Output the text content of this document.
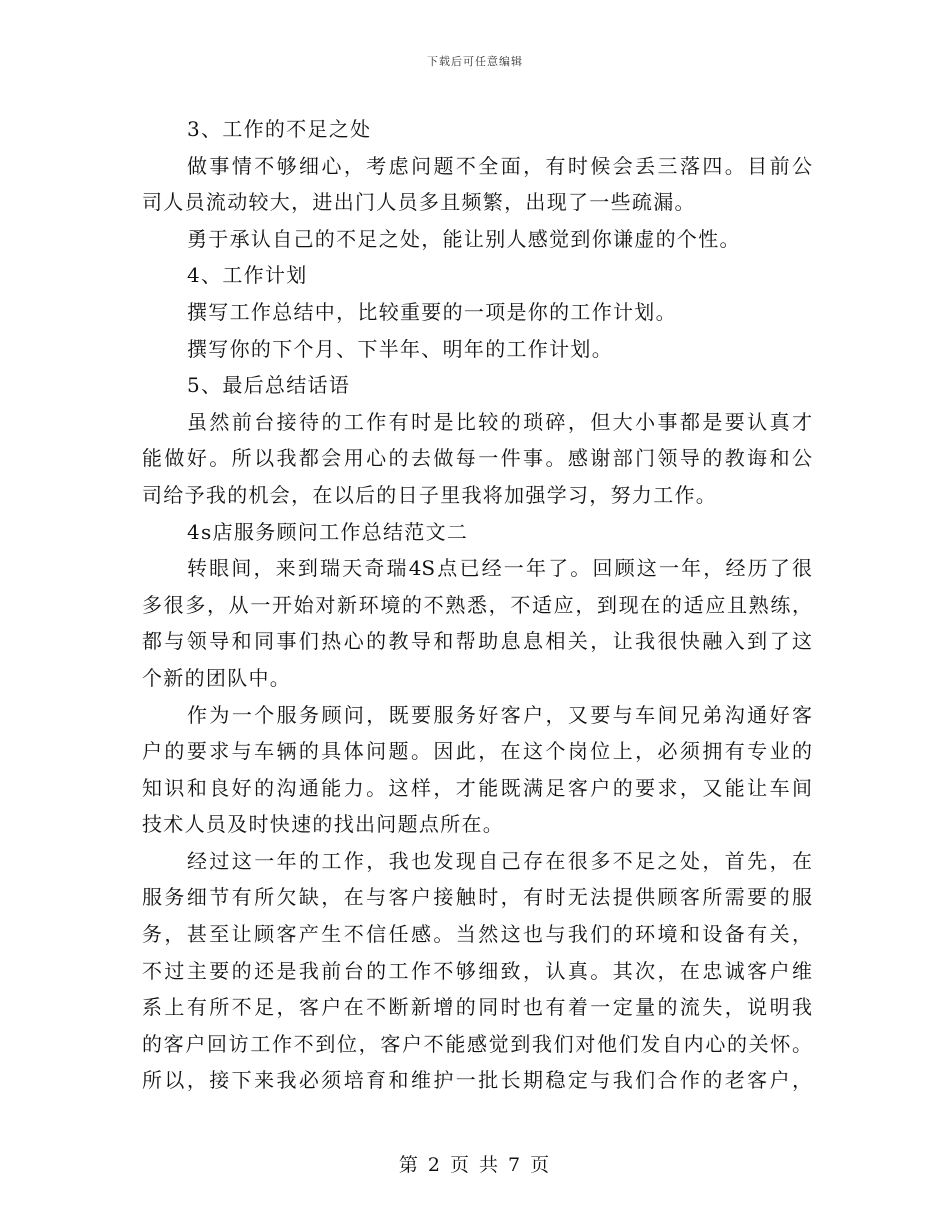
下载后可任意编辑
3、工作的不足之处
做事情不够细心，考虑问题不全面，有时候会丢三落四。目前公
司人员流动较大，进出门人员多且频繁，出现了一些疏漏。
勇于承认自己的不足之处，能让别人感觉到你谦虚的个性。
4、工作计划
撰写工作总结中，比较重要的一项是你的工作计划。
撰写你的下个月、下半年、明年的工作计划。
5、最后总结话语
虽然前台接待的工作有时是比较的琐碎，但大小事都是要认真才
能做好。所以我都会用心的去做每一件事。感谢部门领导的教诲和公
司给予我的机会，在以后的日子里我将加强学习，努力工作。
4s店服务顾问工作总结范文二
转眼间，来到瑞天奇瑞4S点已经一年了。回顾这一年，经历了很
多很多，从一开始对新环境的不熟悉，不适应，到现在的适应且熟练，
都与领导和同事们热心的教导和帮助息息相关，让我很快融入到了这
个新的团队中。
作为一个服务顾问，既要服务好客户，又要与车间兄弟沟通好客
户的要求与车辆的具体问题。因此，在这个岗位上，必须拥有专业的
知识和良好的沟通能力。这样，才能既满足客户的要求，又能让车间
技术人员及时快速的找出问题点所在。
经过这一年的工作，我也发现自己存在很多不足之处，首先，在
服务细节有所欠缺，在与客户接触时，有时无法提供顾客所需要的服
务，甚至让顾客产生不信任感。当然这也与我们的环境和设备有关，
不过主要的还是我前台的工作不够细致，认真。其次，在忠诚客户维
系上有所不足，客户在不断新增的同时也有着一定量的流失，说明我
的客户回访工作不到位，客户不能感觉到我们对他们发自内心的关怀。
所以，接下来我必须培育和维护一批长期稳定与我们合作的老客户，
第 2 页 共 7 页
